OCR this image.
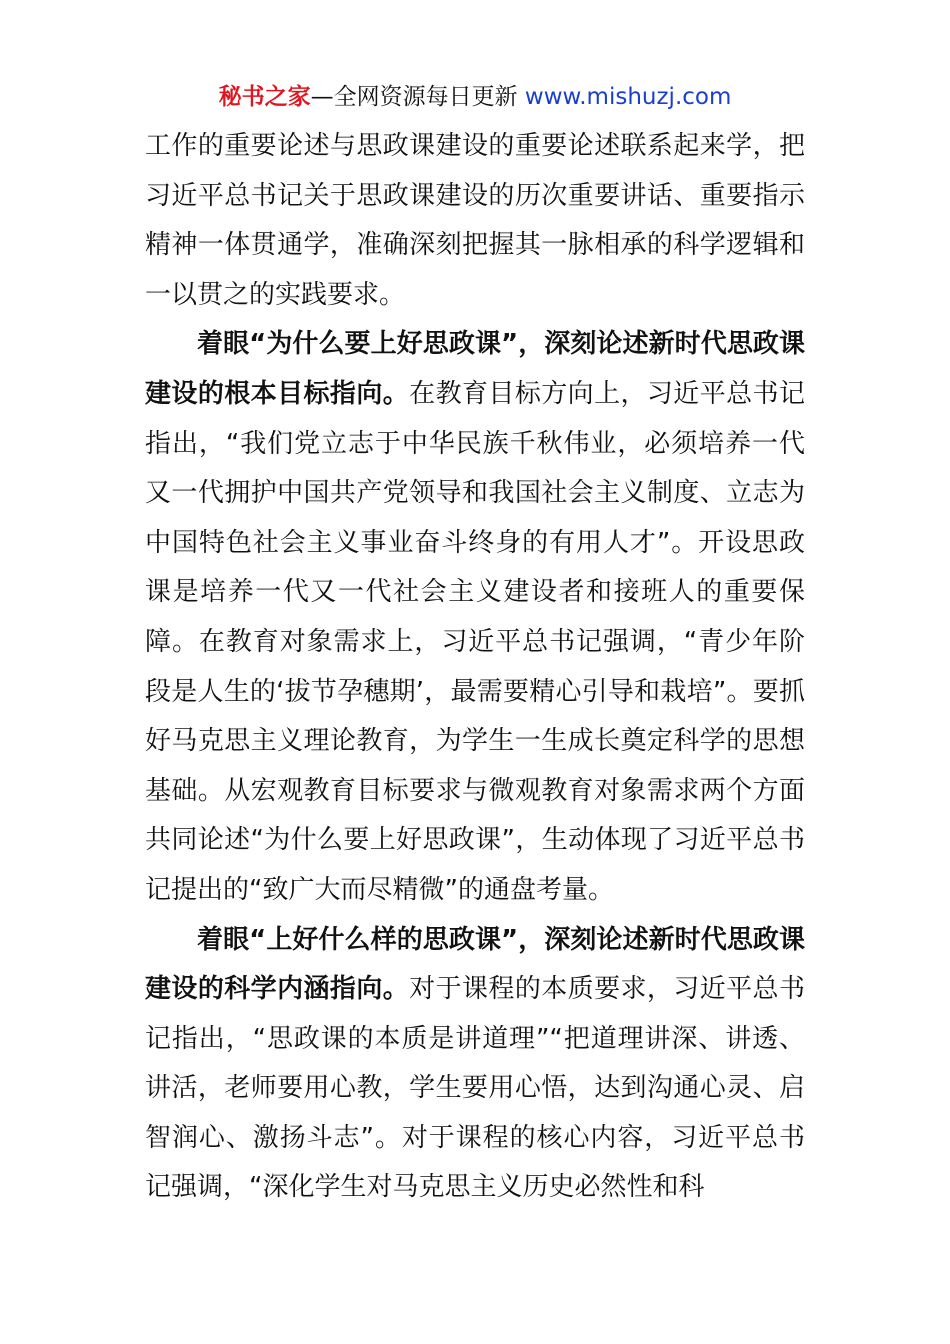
秘书之家—全网资源每日更新 www.mishuzj.com

工作的重要论述与思政课建设的重要论述联系起来学，把习近平总书记关于思政课建设的历次重要讲话、重要指示精神一体贯通学，准确深刻把握其一脉相承的科学逻辑和一以贯之的实践要求。

着眼“为什么要上好思政课”，深刻论述新时代思政课建设的根本目标指向。在教育目标方向上，习近平总书记指出，“我们党立志于中华民族千秋伟业，必须培养一代又一代拥护中国共产党领导和我国社会主义制度、立志为中国特色社会主义事业奋斗终身的有用人才”。开设思政课是培养一代又一代社会主义建设者和接班人的重要保障。在教育对象需求上，习近平总书记强调，“青少年阶段是人生的‘拔节孕穗期’，最需要精心引导和栽培”。要抓好马克思主义理论教育，为学生一生成长奠定科学的思想基础。从宏观教育目标要求与微观教育对象需求两个方面共同论述“为什么要上好思政课”，生动体现了习近平总书记提出的“致广大而尽精微”的通盘考量。

着眼“上好什么样的思政课”，深刻论述新时代思政课建设的科学内涵指向。对于课程的本质要求，习近平总书记指出，“思政课的本质是讲道理”“把道理讲深、讲透、讲活，老师要用心教，学生要用心悟，达到沟通心灵、启智润心、激扬斗志”。对于课程的核心内容，习近平总书记强调，“深化学生对马克思主义历史必然性和科
